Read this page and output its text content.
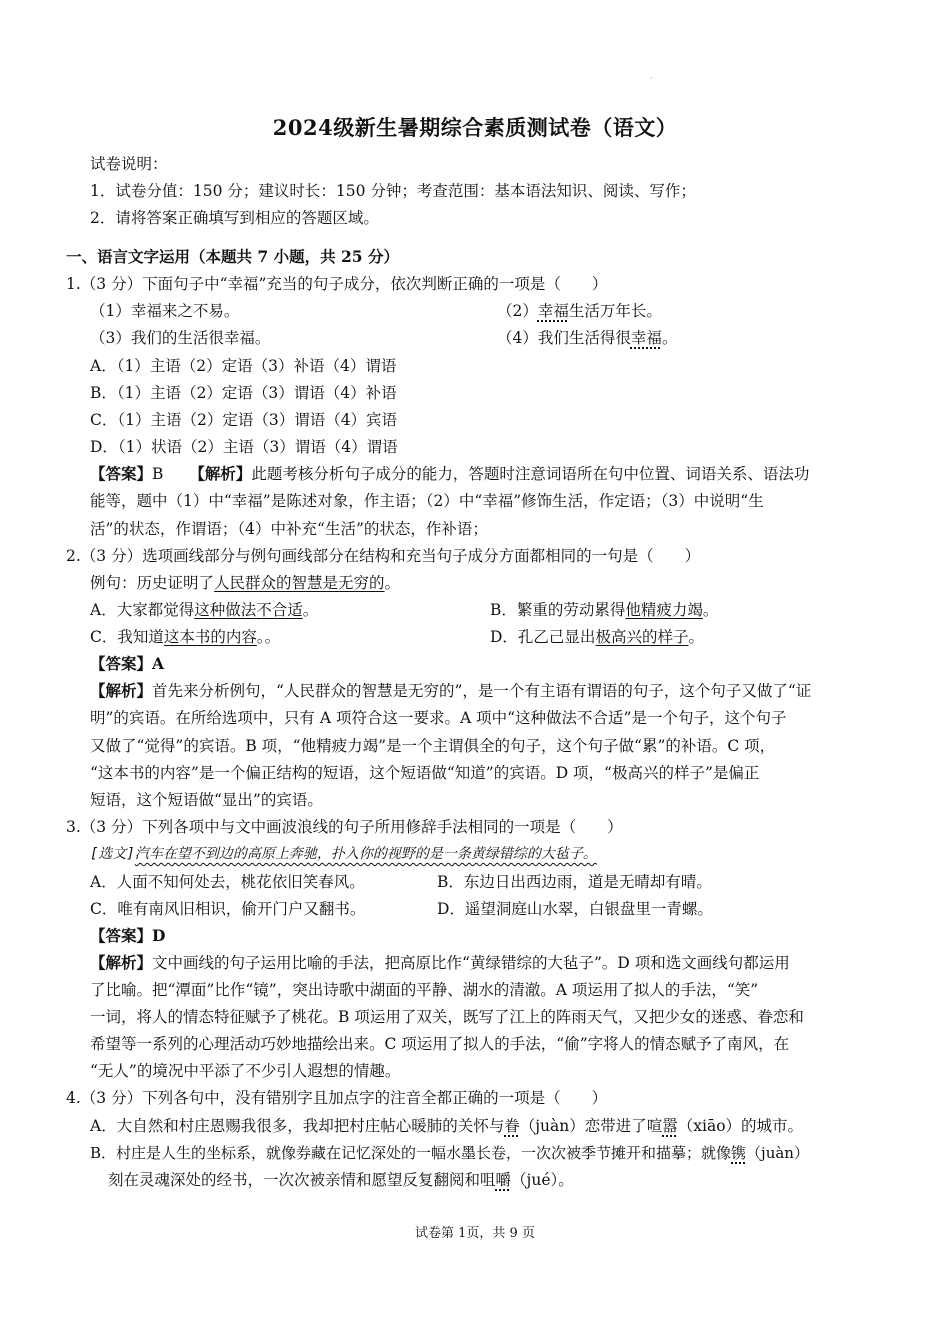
·
2024级新生暑期综合素质测试卷（语文）
试卷说明：
1．试卷分值：150 分；建议时长：150 分钟；考查范围：基本语法知识、阅读、写作；
2．请将答案正确填写到相应的答题区域。
一、语言文字运用（本题共 7 小题，共 25 分）
1.（3 分）下面句子中“幸福”充当的句子成分，依次判断正确的一项是（　　）
（1）幸福来之不易。	（2）幸福生活万年长。
（3）我们的生活很幸福。	（4）我们生活得很幸福。
A．（1）主语（2）定语（3）补语（4）谓语
B．（1）主语（2）定语（3）谓语（4）补语
C．（1）主语（2）定语（3）谓语（4）宾语
D．（1）状语（2）主语（3）谓语（4）谓语
【答案】B 【解析】此题考核分析句子成分的能力，答题时注意词语所在句中位置、词语关系、语法功
能等，题中（1）中“幸福”是陈述对象，作主语；（2）中“幸福”修饰生活，作定语；（3）中说明“生
活”的状态，作谓语；（4）中补充“生活”的状态，作补语；
2.（3 分）选项画线部分与例句画线部分在结构和充当句子成分方面都相同的一句是（　　）
例句：历史证明了人民群众的智慧是无穷的。
A．大家都觉得这种做法不合适。	B．繁重的劳动累得他精疲力竭。
C．我知道这本书的内容。。	D．孔乙己显出极高兴的样子。
【答案】A
【解析】首先来分析例句，“人民群众的智慧是无穷的”，是一个有主语有谓语的句子，这个句子又做了“证
明”的宾语。在所给选项中，只有 A 项符合这一要求。A 项中“这种做法不合适”是一个句子，这个句子
又做了“觉得”的宾语。B 项，“他精疲力竭”是一个主谓俱全的句子，这个句子做“累”的补语。C 项，
“这本书的内容”是一个偏正结构的短语，这个短语做“知道”的宾语。D 项，“极高兴的样子”是偏正
短语，这个短语做“显出”的宾语。
3.（3 分）下列各项中与文中画波浪线的句子所用修辞手法相同的一项是（　　）
[选文]汽车在望不到边的高原上奔驰，扑入你的视野的是一条黄绿错综的大毡子。
A．人面不知何处去，桃花依旧笑春风。	B．东边日出西边雨，道是无晴却有晴。
C．唯有南风旧相识，偷开门户又翻书。	D．遥望洞庭山水翠，白银盘里一青螺。
【答案】D
【解析】文中画线的句子运用比喻的手法，把高原比作“黄绿错综的大毡子”。D 项和选文画线句都运用
了比喻。把“潭面”比作“镜”，突出诗歌中湖面的平静、湖水的清澈。A 项运用了拟人的手法，“笑”
一词，将人的情态特征赋予了桃花。B 项运用了双关，既写了江上的阵雨天气，又把少女的迷惑、眷恋和
希望等一系列的心理活动巧妙地描绘出来。C 项运用了拟人的手法，“偷”字将人的情态赋予了南风，在
“无人”的境况中平添了不少引人遐想的情趣。
4.（3 分）下列各句中，没有错别字且加点字的注音全都正确的一项是（　　）
A．大自然和村庄恩赐我很多，我却把村庄帖心暖肺的关怀与眷（juàn）恋带进了喧嚣（xiāo）的城市。
B．村庄是人生的坐标系，就像券藏在记忆深处的一幅水墨长卷，一次次被季节摊开和描摹；就像镌（juàn）
刻在灵魂深处的经书，一次次被亲情和愿望反复翻阅和咀嚼（jué）。
试卷第 1页，共 9 页
